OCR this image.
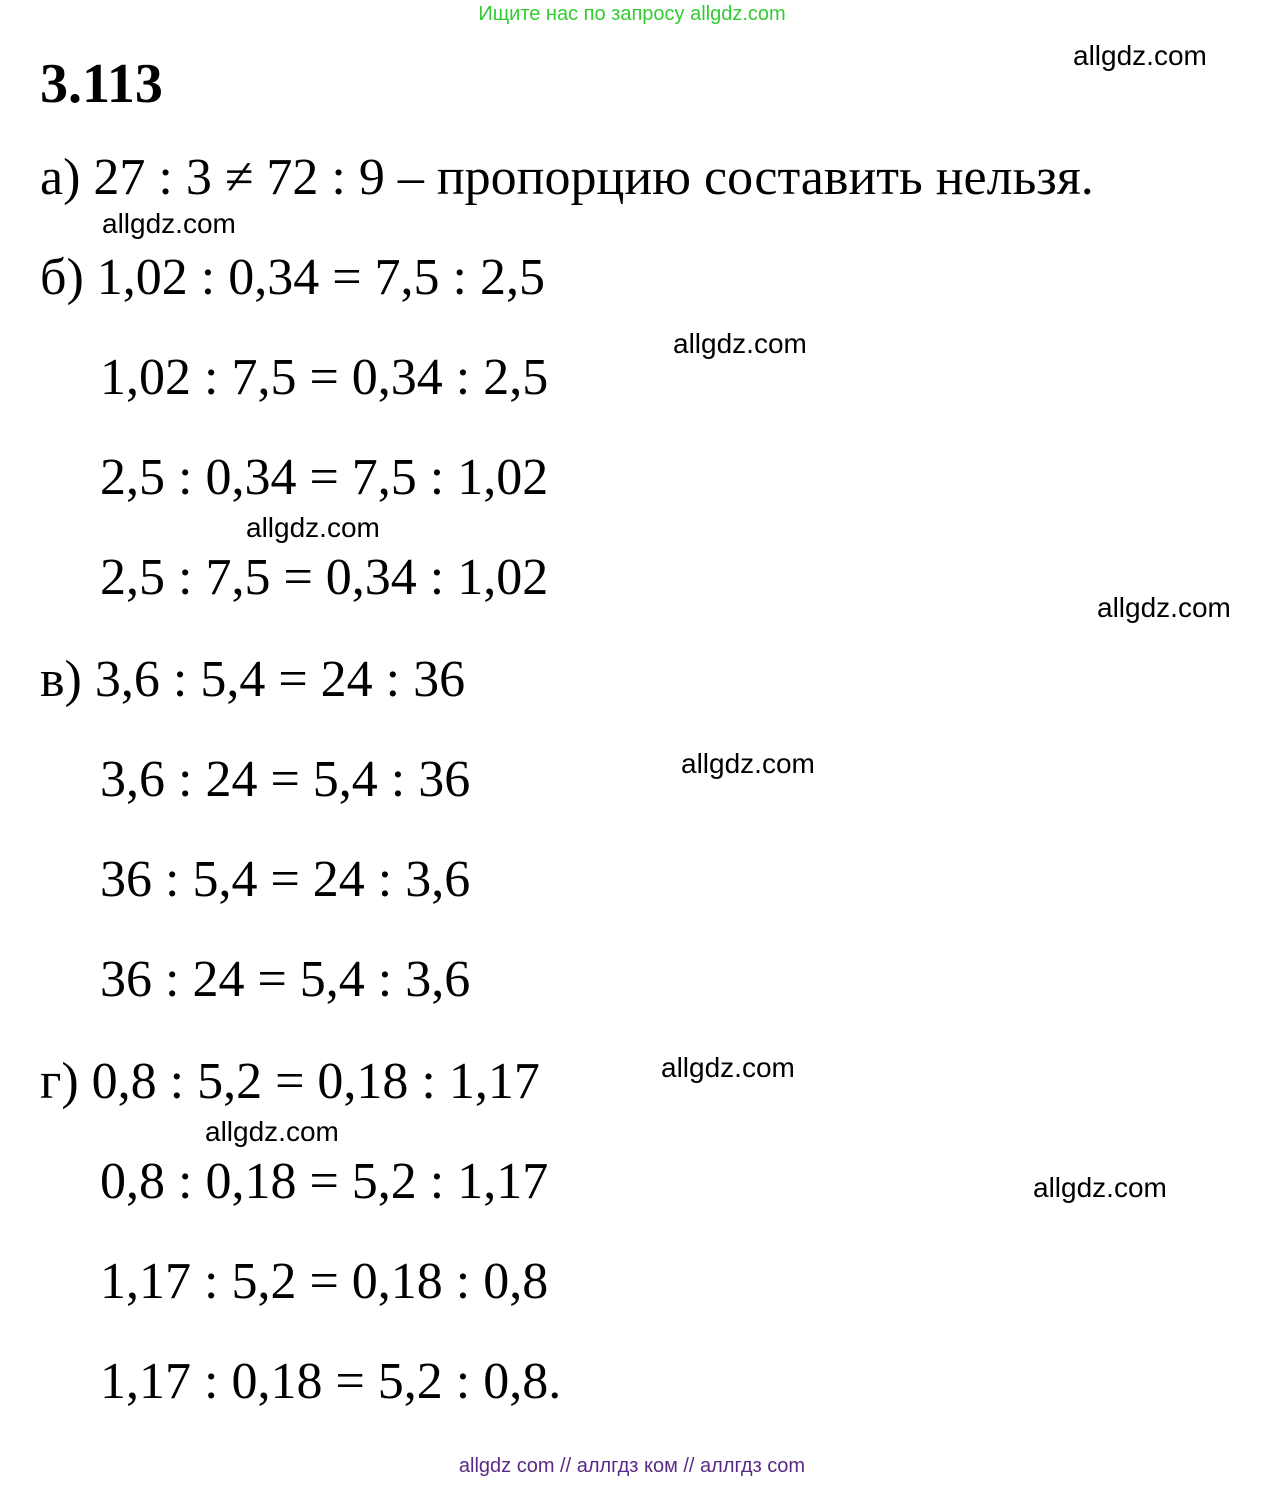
Ищите нас по запросу allgdz.com
3.113
а) 27 : 3 ≠ 72 : 9 – пропорцию составить нельзя.
б) 1,02 : 0,34 = 7,5 : 2,5
1,02 : 7,5 = 0,34 : 2,5
2,5 : 0,34 = 7,5 : 1,02
2,5 : 7,5 = 0,34 : 1,02
в) 3,6 : 5,4 = 24 : 36
3,6 : 24 = 5,4 : 36
36 : 5,4 = 24 : 3,6
36 : 24 = 5,4 : 3,6
г) 0,8 : 5,2 = 0,18 : 1,17
0,8 : 0,18 = 5,2 : 1,17
1,17 : 5,2 = 0,18 : 0,8
1,17 : 0,18 = 5,2 : 0,8.
allgdz.com
allgdz.com
allgdz.com
allgdz.com
allgdz.com
allgdz.com
allgdz.com
allgdz.com
allgdz.com
allgdz com // аллгдз ком // аллгдз com
